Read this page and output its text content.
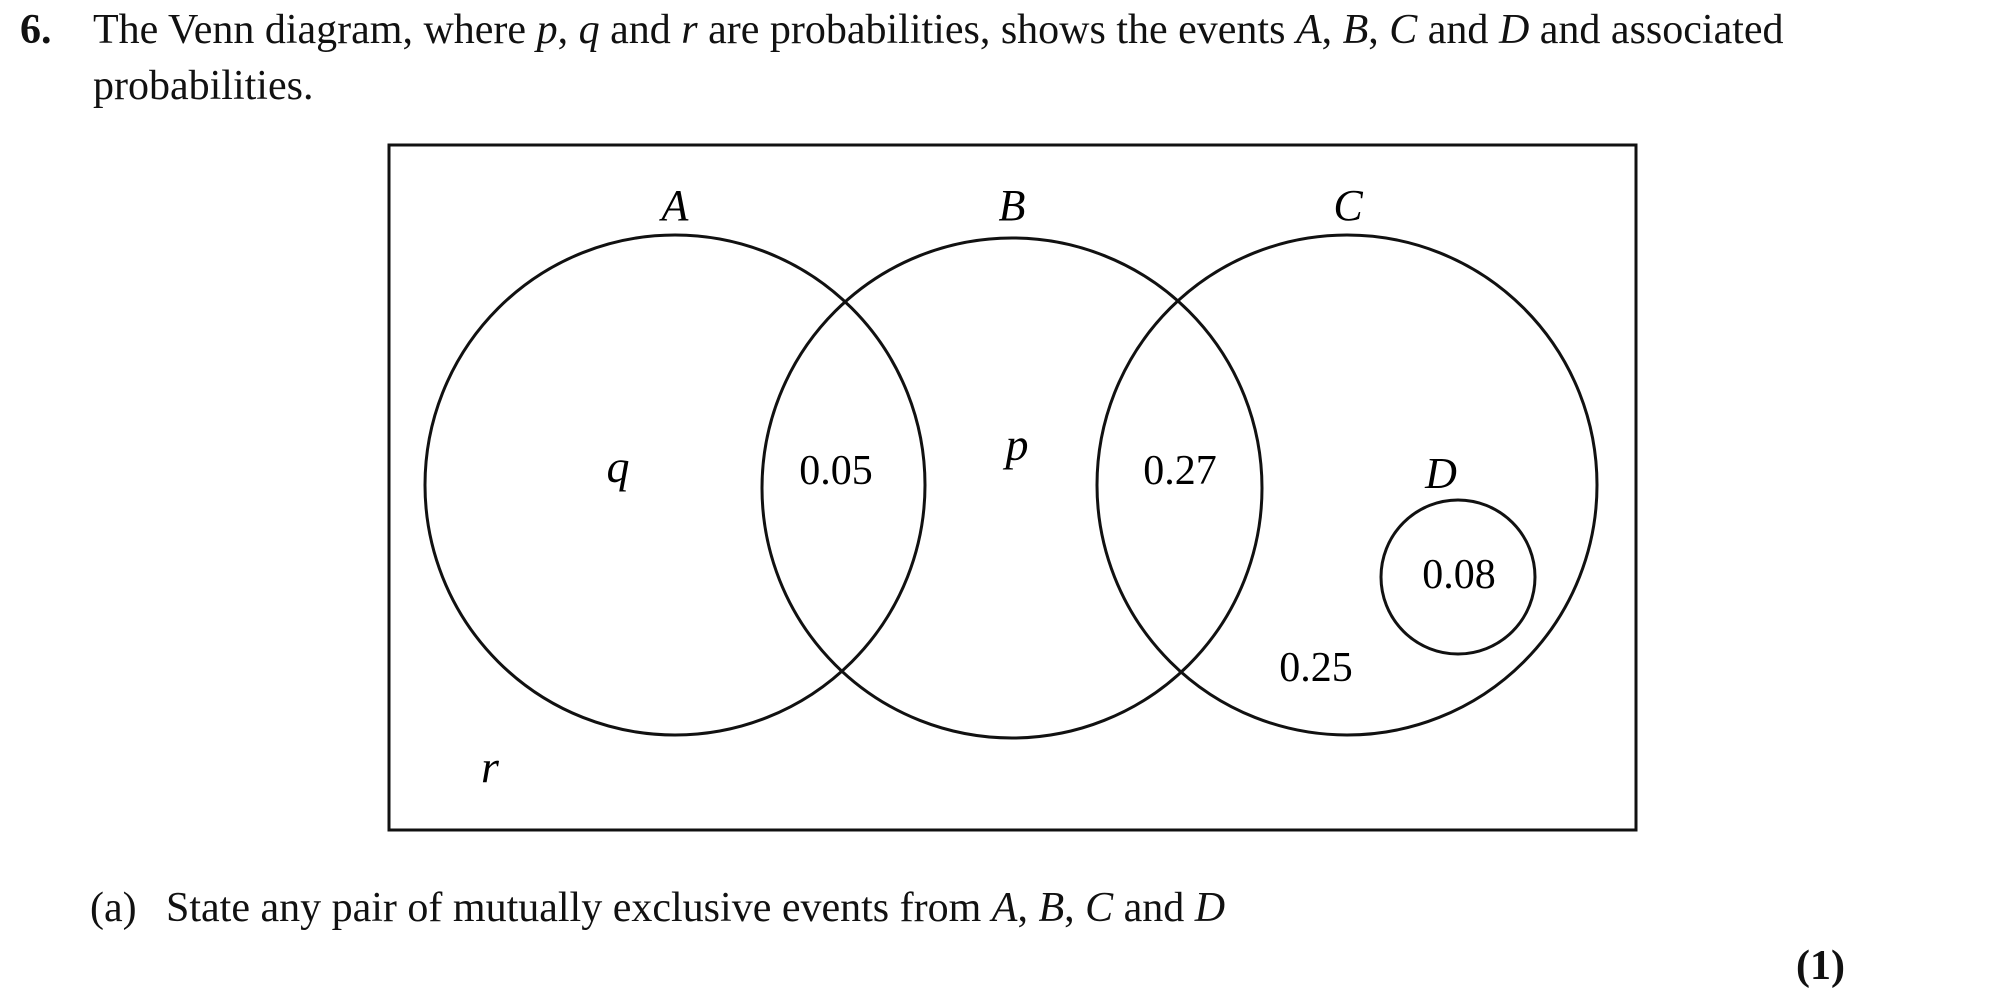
6. The Venn diagram, where p, q and r are probabilities, shows the events A, B, C and D and associated probabilities.
A	B	C
D
q	0.05
p
0.27
0.08
0.25
r
(a) State any pair of mutually exclusive events from A, B, C and D
(1)
